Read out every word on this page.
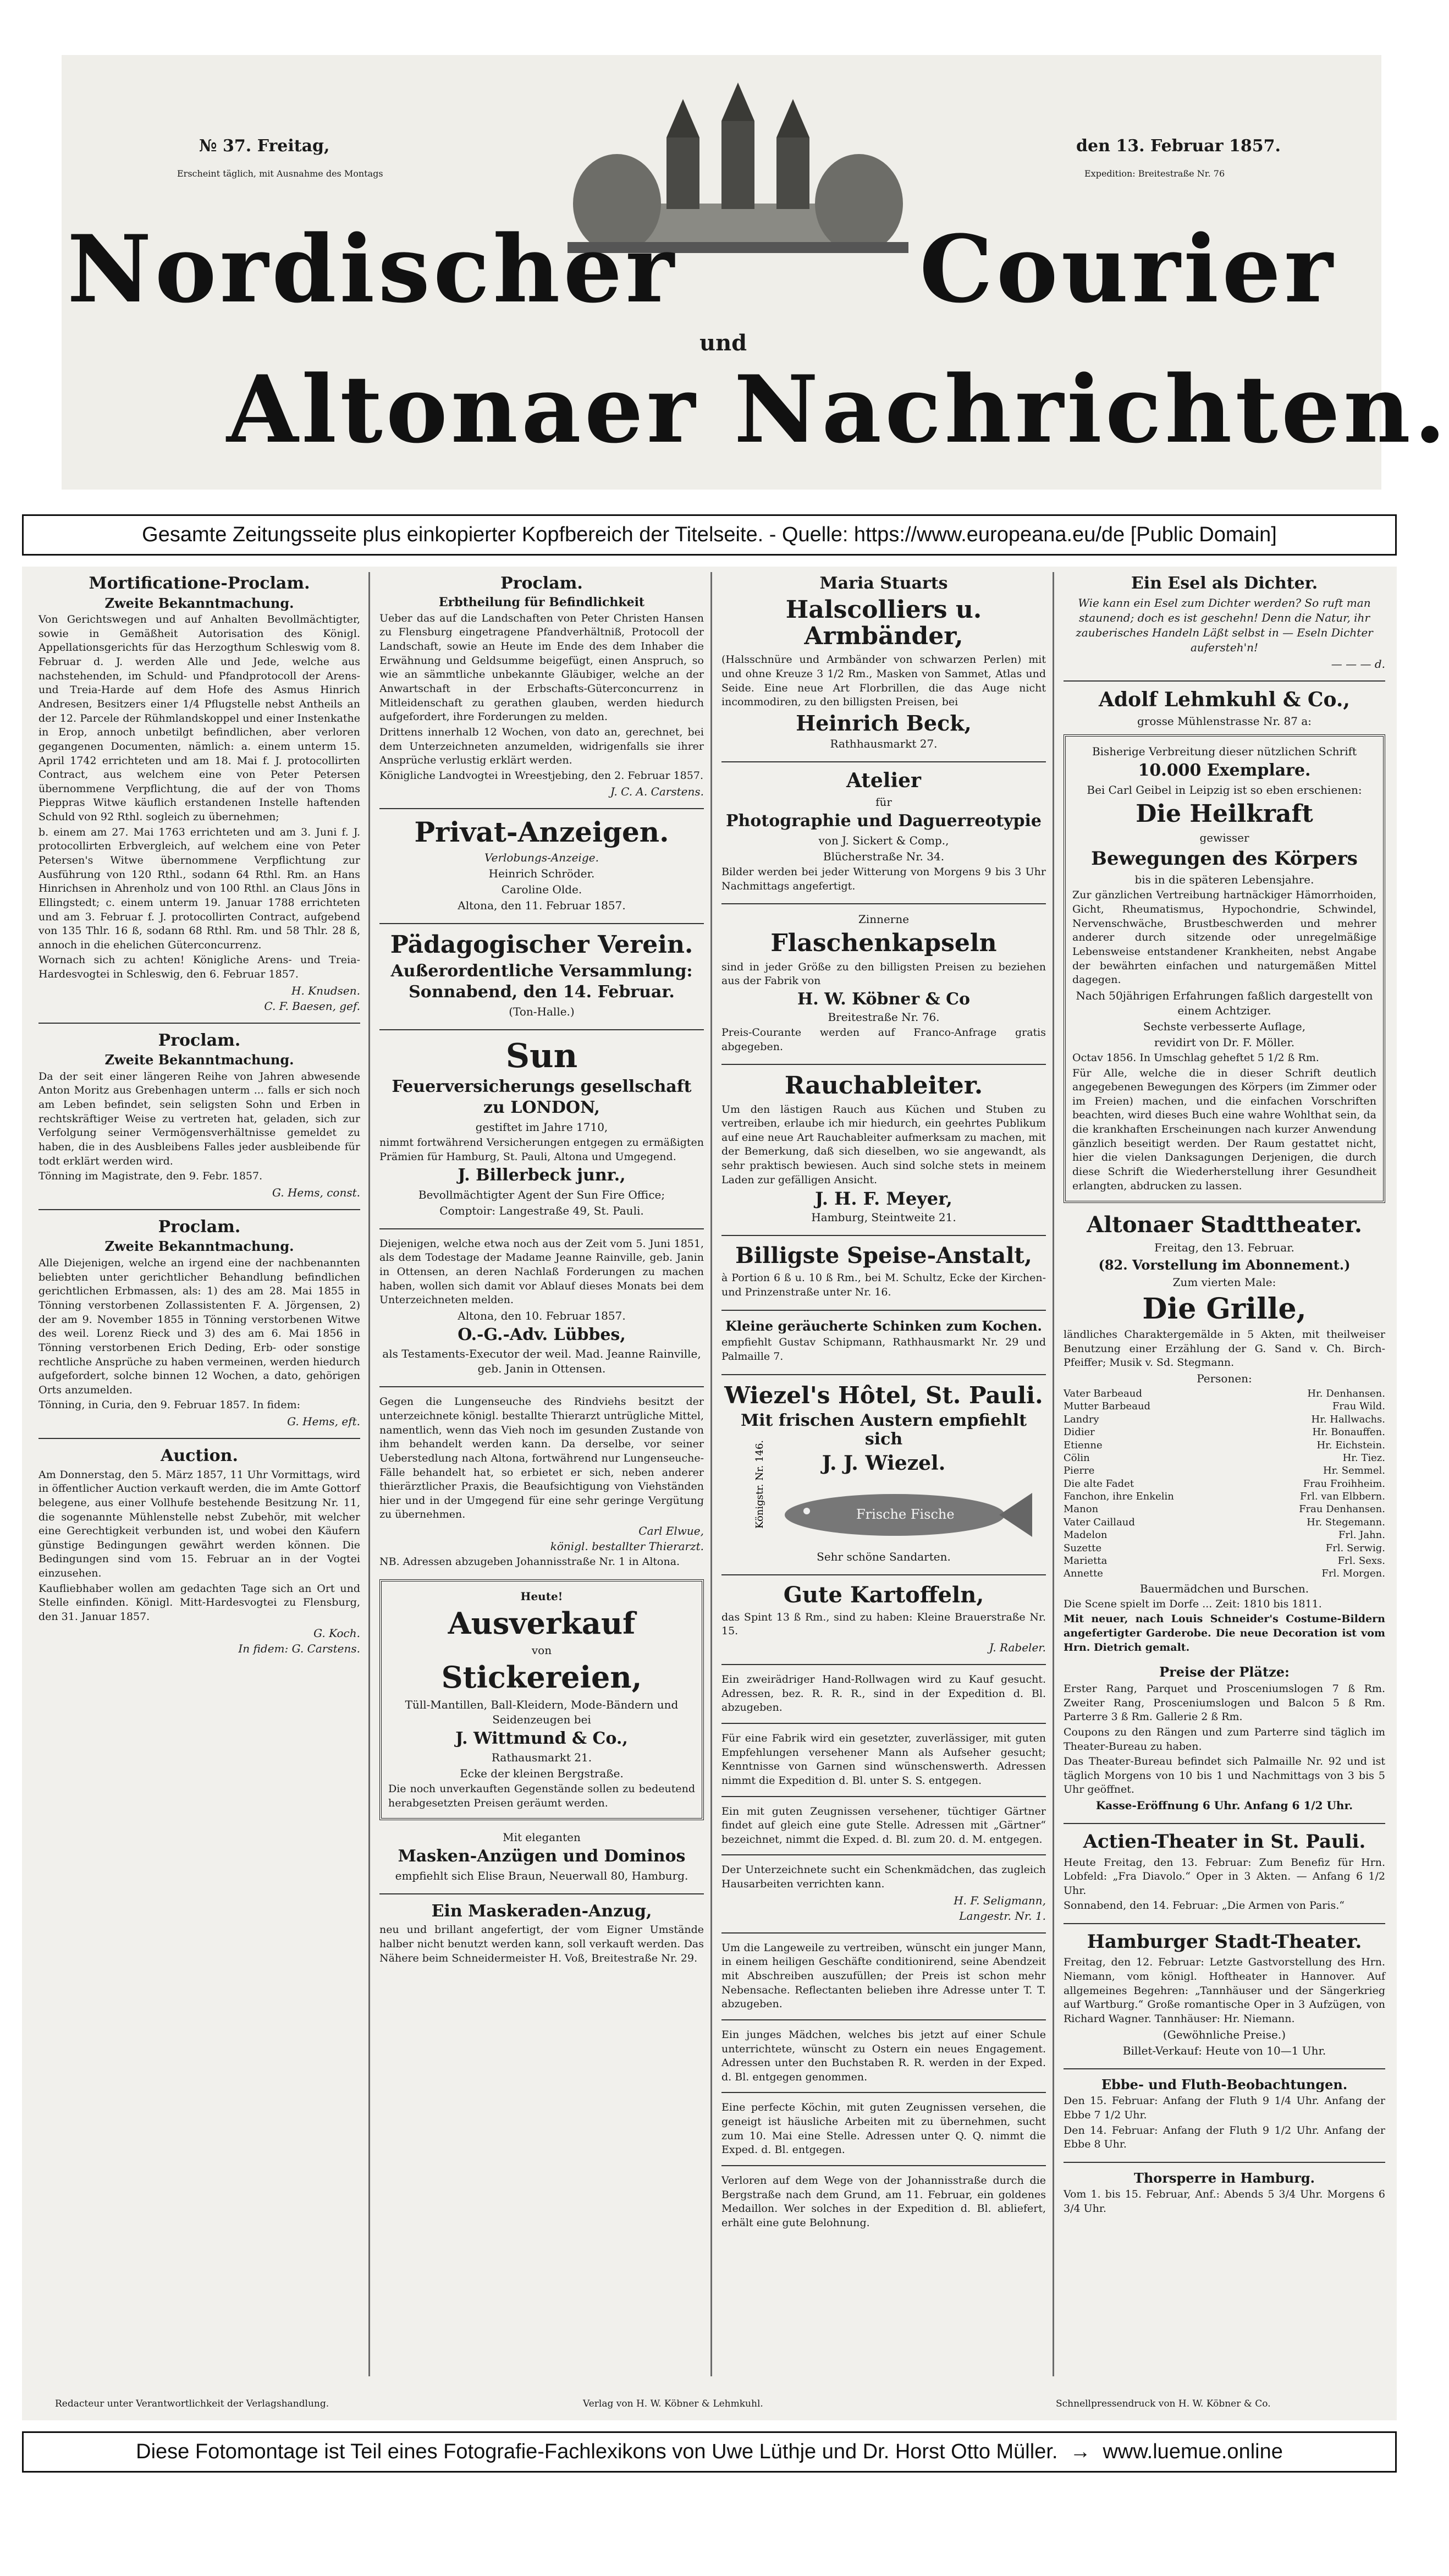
№ 37. Freitag,	den 13. Februar 1857.
Erscheint täglich, mit Ausnahme des Montags	Expedition: Breitestraße Nr. 76
Nordischer	Courier
und
Altonaer Nachrichten.
Gesamte Zeitungsseite plus einkopierter Kopfbereich der Titelseite. - Quelle: https://www.europeana.eu/de [Public Domain]
Mortificatione-Proclam.
Zweite Bekanntmachung.

Von Gerichtswegen und auf Anhalten Bevollmächtigter, sowie in Gemäßheit Autorisation des Königl. Appellationsgerichts für das Herzogthum Schleswig vom 8. Februar d. J. werden Alle und Jede, welche aus nachstehenden, im Schuld- und Pfandprotocoll der Arens- und Treia-Harde auf dem Hofe des Asmus Hinrich Andresen, Besitzers einer 1/4 Pflugstelle nebst Antheils an der 12. Parcele der Rühmlandskoppel und einer Instenkathe in Erop, annoch unbetilgt befindlichen, aber verloren gegangenen Documenten, nämlich: a. einem unterm 15. April 1742 errichteten und am 18. Mai f. J. protocollirten Contract, aus welchem eine von Peter Petersen übernommene Verpflichtung, die auf der von Thoms Pieppras Witwe käuflich erstandenen Instelle haftenden Schuld von 92 Rthl. sogleich zu übernehmen;

b. einem am 27. Mai 1763 errichteten und am 3. Juni f. J. protocollirten Erbvergleich, auf welchem eine von Peter Petersen's Witwe übernommene Verpflichtung zur Ausführung von 120 Rthl., sodann 64 Rthl. Rm. an Hans Hinrichsen in Ahrenholz und von 100 Rthl. an Claus Jöns in Ellingstedt; c. einem unterm 19. Januar 1788 errichteten und am 3. Februar f. J. protocollirten Contract, aufgebend von 135 Thlr. 16 ß, sodann 68 Rthl. Rm. und 58 Thlr. 28 ß, annoch in die ehelichen Güterconcurrenz.

Wornach sich zu achten! Königliche Arens- und Treia-Hardesvogtei in Schleswig, den 6. Februar 1857.

H. Knudsen.
C. F. Baesen, gef.
Proclam.
Zweite Bekanntmachung.

Da der seit einer längeren Reihe von Jahren abwesende Anton Moritz aus Grebenhagen unterm ... falls er sich noch am Leben befindet, sein seligsten Sohn und Erben in rechtskräftiger Weise zu vertreten hat, geladen, sich zur Verfolgung seiner Vermögensverhältnisse gemeldet zu haben, die in des Ausbleibens Falles jeder ausbleibende für todt erklärt werden wird.

Tönning im Magistrate, den 9. Febr. 1857.

G. Hems, const.
Proclam.
Zweite Bekanntmachung.

Alle Diejenigen, welche an irgend eine der nachbenannten beliebten unter gerichtlicher Behandlung befindlichen gerichtlichen Erbmassen, als: 1) des am 28. Mai 1855 in Tönning verstorbenen Zollassistenten F. A. Jörgensen, 2) der am 9. November 1855 in Tönning verstorbenen Witwe des weil. Lorenz Rieck und 3) des am 6. Mai 1856 in Tönning verstorbenen Erich Deding, Erb- oder sonstige rechtliche Ansprüche zu haben vermeinen, werden hiedurch aufgefordert, solche binnen 12 Wochen, a dato, gehörigen Orts anzumelden.

Tönning, in Curia, den 9. Februar 1857. In fidem:

G. Hems, eft.
Auction.

Am Donnerstag, den 5. März 1857, 11 Uhr Vormittags, wird in öffentlicher Auction verkauft werden, die im Amte Gottorf belegene, aus einer Vollhufe bestehende Besitzung Nr. 11, die sogenannte Mühlenstelle nebst Zubehör, mit welcher eine Gerechtigkeit verbunden ist, und wobei den Käufern günstige Bedingungen gewährt werden können. Die Bedingungen sind vom 15. Februar an in der Vogtei einzusehen.

Kaufliebhaber wollen am gedachten Tage sich an Ort und Stelle einfinden. Königl. Mitt-Hardesvogtei zu Flensburg, den 31. Januar 1857.

G. Koch.
In fidem: G. Carstens.
Proclam.
Erbtheilung für Befindlichkeit

Ueber das auf die Landschaften von Peter Christen Hansen zu Flensburg eingetragene Pfandverhältniß, Protocoll der Landschaft, sowie an Heute im Ende des dem Inhaber die Erwähnung und Geldsumme beigefügt, einen Anspruch, so wie an sämmtliche unbekannte Gläubiger, welche an der Anwartschaft in der Erbschafts-Güterconcurrenz in Mitleidenschaft zu gerathen glauben, werden hiedurch aufgefordert, ihre Forderungen zu melden.

Drittens innerhalb 12 Wochen, von dato an, gerechnet, bei dem Unterzeichneten anzumelden, widrigenfalls sie ihrer Ansprüche verlustig erklärt werden.

Königliche Landvogtei in Wreestjebing, den 2. Februar 1857.

J. C. A. Carstens.
Privat-Anzeigen.
Verlobungs-Anzeige.
Heinrich Schröder.
Caroline Olde.
Altona, den 11. Februar 1857.
Pädagogischer Verein.
Außerordentliche Versammlung:
Sonnabend, den 14. Februar.
(Ton-Halle.)
Sun
Feuerversicherungs gesellschaft
zu LONDON,
gestiftet im Jahre 1710,

nimmt fortwährend Versicherungen entgegen zu ermäßigten Prämien für Hamburg, St. Pauli, Altona und Umgegend.

J. Billerbeck junr.,
Bevollmächtigter Agent der Sun Fire Office;
Comptoir: Langestraße 49, St. Pauli.

Diejenigen, welche etwa noch aus der Zeit vom 5. Juni 1851, als dem Todestage der Madame Jeanne Rainville, geb. Janin in Ottensen, an deren Nachlaß Forderungen zu machen haben, wollen sich damit vor Ablauf dieses Monats bei dem Unterzeichneten melden.

Altona, den 10. Februar 1857.
O.-G.-Adv. Lübbes,
als Testaments-Executor der weil. Mad. Jeanne Rainville, geb. Janin in Ottensen.

Gegen die Lungenseuche des Rindviehs besitzt der unterzeichnete königl. bestallte Thierarzt untrügliche Mittel, namentlich, wenn das Vieh noch im gesunden Zustande von ihm behandelt werden kann. Da derselbe, vor seiner Ueberstedlung nach Altona, fortwährend nur Lungenseuche-Fälle behandelt hat, so erbietet er sich, neben anderer thierärztlicher Praxis, die Beaufsichtigung von Viehständen hier und in der Umgegend für eine sehr geringe Vergütung zu übernehmen.

Carl Elwue,
königl. bestallter Thierarzt.

NB. Adressen abzugeben Johannisstraße Nr. 1 in Altona.

Heute!
Ausverkauf
von
Stickereien,
Tüll-Mantillen, Ball-Kleidern, Mode-Bändern und Seidenzeugen bei
J. Wittmund & Co.,
Rathausmarkt 21.
Ecke der kleinen Bergstraße.

Die noch unverkauften Gegenstände sollen zu bedeutend herabgesetzten Preisen geräumt werden.

Mit eleganten
Masken-Anzügen und Dominos
empfiehlt sich Elise Braun, Neuerwall 80, Hamburg.
Ein Maskeraden-Anzug,

neu und brillant angefertigt, der vom Eigner Umstände halber nicht benutzt werden kann, soll verkauft werden. Das Nähere beim Schneidermeister H. Voß, Breitestraße Nr. 29.

Maria Stuarts
Halscolliers u. Armbänder,

(Halsschnüre und Armbänder von schwarzen Perlen) mit und ohne Kreuze 3 1/2 Rm., Masken von Sammet, Atlas und Seide. Eine neue Art Florbrillen, die das Auge nicht incommodiren, zu den billigsten Preisen, bei

Heinrich Beck,
Rathhausmarkt 27.
Atelier
für
Photographie und Daguerreotypie
von J. Sickert & Comp.,
Blücherstraße Nr. 34.

Bilder werden bei jeder Witterung von Morgens 9 bis 3 Uhr Nachmittags angefertigt.

Zinnerne
Flaschenkapseln

sind in jeder Größe zu den billigsten Preisen zu beziehen aus der Fabrik von

H. W. Köbner & Co
Breitestraße Nr. 76.

Preis-Courante werden auf Franco-Anfrage gratis abgegeben.

Rauchableiter.

Um den lästigen Rauch aus Küchen und Stuben zu vertreiben, erlaube ich mir hiedurch, ein geehrtes Publikum auf eine neue Art Rauchableiter aufmerksam zu machen, mit der Bemerkung, daß sich dieselben, wo sie angewandt, als sehr praktisch bewiesen. Auch sind solche stets in meinem Laden zur gefälligen Ansicht.

J. H. F. Meyer,
Hamburg, Steintweite 21.
Billigste Speise-Anstalt,

à Portion 6 ß u. 10 ß Rm., bei M. Schultz, Ecke der Kirchen- und Prinzenstraße unter Nr. 16.

Kleine geräucherte Schinken zum Kochen.

empfiehlt Gustav Schipmann, Rathhausmarkt Nr. 29 und Palmaille 7.

Wiezel's Hôtel, St. Pauli.
Mit frischen Austern empfiehlt sich
J. J. Wiezel.
Königstr. Nr. 146.	Frische Fische
Sehr schöne Sandarten.
Gute Kartoffeln,

das Spint 13 ß Rm., sind zu haben: Kleine Brauerstraße Nr. 15.

J. Rabeler.

Ein zweirädriger Hand-Rollwagen wird zu Kauf gesucht. Adressen, bez. R. R. R., sind in der Expedition d. Bl. abzugeben.

Für eine Fabrik wird ein gesetzter, zuverlässiger, mit guten Empfehlungen versehener Mann als Aufseher gesucht; Kenntnisse von Garnen sind wünschenswerth. Adressen nimmt die Expedition d. Bl. unter S. S. entgegen.

Ein mit guten Zeugnissen versehener, tüchtiger Gärtner findet auf gleich eine gute Stelle. Adressen mit „Gärtner“ bezeichnet, nimmt die Exped. d. Bl. zum 20. d. M. entgegen.

Der Unterzeichnete sucht ein Schenkmädchen, das zugleich Hausarbeiten verrichten kann.

H. F. Seligmann,
Langestr. Nr. 1.

Um die Langeweile zu vertreiben, wünscht ein junger Mann, in einem heiligen Geschäfte conditionirend, seine Abendzeit mit Abschreiben auszufüllen; der Preis ist schon mehr Nebensache. Reflectanten belieben ihre Adresse unter T. T. abzugeben.

Ein junges Mädchen, welches bis jetzt auf einer Schule unterrichtete, wünscht zu Ostern ein neues Engagement. Adressen unter den Buchstaben R. R. werden in der Exped. d. Bl. entgegen genommen.

Eine perfecte Köchin, mit guten Zeugnissen versehen, die geneigt ist häusliche Arbeiten mit zu übernehmen, sucht zum 10. Mai eine Stelle. Adressen unter Q. Q. nimmt die Exped. d. Bl. entgegen.

Verloren auf dem Wege von der Johannisstraße durch die Bergstraße nach dem Grund, am 11. Februar, ein goldenes Medaillon. Wer solches in der Expedition d. Bl. abliefert, erhält eine gute Belohnung.

Ein Esel als Dichter.

Wie kann ein Esel zum Dichter werden? So ruft man staunend; doch es ist geschehn! Denn die Natur, ihr zauberisches Handeln Läßt selbst in — Eseln Dichter aufersteh'n!

— — — d.
Adolf Lehmkuhl & Co.,
grosse Mühlenstrasse Nr. 87 a:
Bisherige Verbreitung dieser nützlichen Schrift
10.000 Exemplare.
Bei Carl Geibel in Leipzig ist so eben erschienen:
Die Heilkraft
gewisser
Bewegungen des Körpers
bis in die späteren Lebensjahre.

Zur gänzlichen Vertreibung hartnäckiger Hämorrhoiden, Gicht, Rheumatismus, Hypochondrie, Schwindel, Nervenschwäche, Brustbeschwerden und mehrer anderer durch sitzende oder unregelmäßige Lebensweise entstandener Krankheiten, nebst Angabe der bewährten einfachen und naturgemäßen Mittel dagegen.

Nach 50jährigen Erfahrungen faßlich dargestellt von einem Achtziger.

Sechste verbesserte Auflage,
revidirt von Dr. F. Möller.

Octav 1856. In Umschlag geheftet 5 1/2 ß Rm.

Für Alle, welche die in dieser Schrift deutlich angegebenen Bewegungen des Körpers (im Zimmer oder im Freien) machen, und die einfachen Vorschriften beachten, wird dieses Buch eine wahre Wohlthat sein, da die krankhaften Erscheinungen nach kurzer Anwendung gänzlich beseitigt werden. Der Raum gestattet nicht, hier die vielen Danksagungen Derjenigen, die durch diese Schrift die Wiederherstellung ihrer Gesundheit erlangten, abdrucken zu lassen.

Altonaer Stadttheater.
Freitag, den 13. Februar.
(82. Vorstellung im Abonnement.)
Zum vierten Male:
Die Grille,

ländliches Charaktergemälde in 5 Akten, mit theilweiser Benutzung einer Erzählung der G. Sand v. Ch. Birch-Pfeiffer; Musik v. Sd. Stegmann.

Personen:
Vater Barbeaud	Hr. Denhansen.
Mutter Barbeaud	Frau Wild.
Landry	Hr. Hallwachs.
Didier	Hr. Bonauffen.
Etienne	Hr. Eichstein.
Cölin	Hr. Tiez.
Pierre	Hr. Semmel.
Die alte Fadet	Frau Froihheim.
Fanchon, ihre Enkelin	Frl. van Elbbern.
Manon	Frau Denhansen.
Vater Caillaud	Hr. Stegemann.
Madelon	Frl. Jahn.
Suzette	Frl. Serwig.
Marietta	Frl. Sexs.
Annette	Frl. Morgen.
Bauermädchen und Burschen.

Die Scene spielt im Dorfe ... Zeit: 1810 bis 1811.

Mit neuer, nach Louis Schneider's Costume-Bildern angefertigter Garderobe. Die neue Decoration ist vom Hrn. Dietrich gemalt.

Preise der Plätze:

Erster Rang, Parquet und Prosceniumslogen 7 ß Rm. Zweiter Rang, Prosceniumslogen und Balcon 5 ß Rm. Parterre 3 ß Rm. Gallerie 2 ß Rm.

Coupons zu den Rängen und zum Parterre sind täglich im Theater-Bureau zu haben.

Das Theater-Bureau befindet sich Palmaille Nr. 92 und ist täglich Morgens von 10 bis 1 und Nachmittags von 3 bis 5 Uhr geöffnet.

Kasse-Eröffnung 6 Uhr. Anfang 6 1/2 Uhr.
Actien-Theater in St. Pauli.

Heute Freitag, den 13. Februar: Zum Benefiz für Hrn. Lobfeld: „Fra Diavolo.“ Oper in 3 Akten. — Anfang 6 1/2 Uhr.

Sonnabend, den 14. Februar: „Die Armen von Paris.“

Hamburger Stadt-Theater.

Freitag, den 12. Februar: Letzte Gastvorstellung des Hrn. Niemann, vom königl. Hoftheater in Hannover. Auf allgemeines Begehren: „Tannhäuser und der Sängerkrieg auf Wartburg.“ Große romantische Oper in 3 Aufzügen, von Richard Wagner. Tannhäuser: Hr. Niemann.

(Gewöhnliche Preise.)
Billet-Verkauf: Heute von 10—1 Uhr.
Ebbe- und Fluth-Beobachtungen.

Den 15. Februar: Anfang der Fluth 9 1/4 Uhr. Anfang der Ebbe 7 1/2 Uhr.

Den 14. Februar: Anfang der Fluth 9 1/2 Uhr. Anfang der Ebbe 8 Uhr.

Thorsperre in Hamburg.

Vom 1. bis 15. Februar, Anf.: Abends 5 3/4 Uhr. Morgens 6 3/4 Uhr.

Redacteur unter Verantwortlichkeit der Verlagshandlung.	Verlag von H. W. Köbner & Lehmkuhl.	Schnellpressendruck von H. W. Köbner & Co.
Diese Fotomontage ist Teil eines Fotografie-Fachlexikons von Uwe Lüthje und Dr. Horst Otto Müller. → www.luemue.online
